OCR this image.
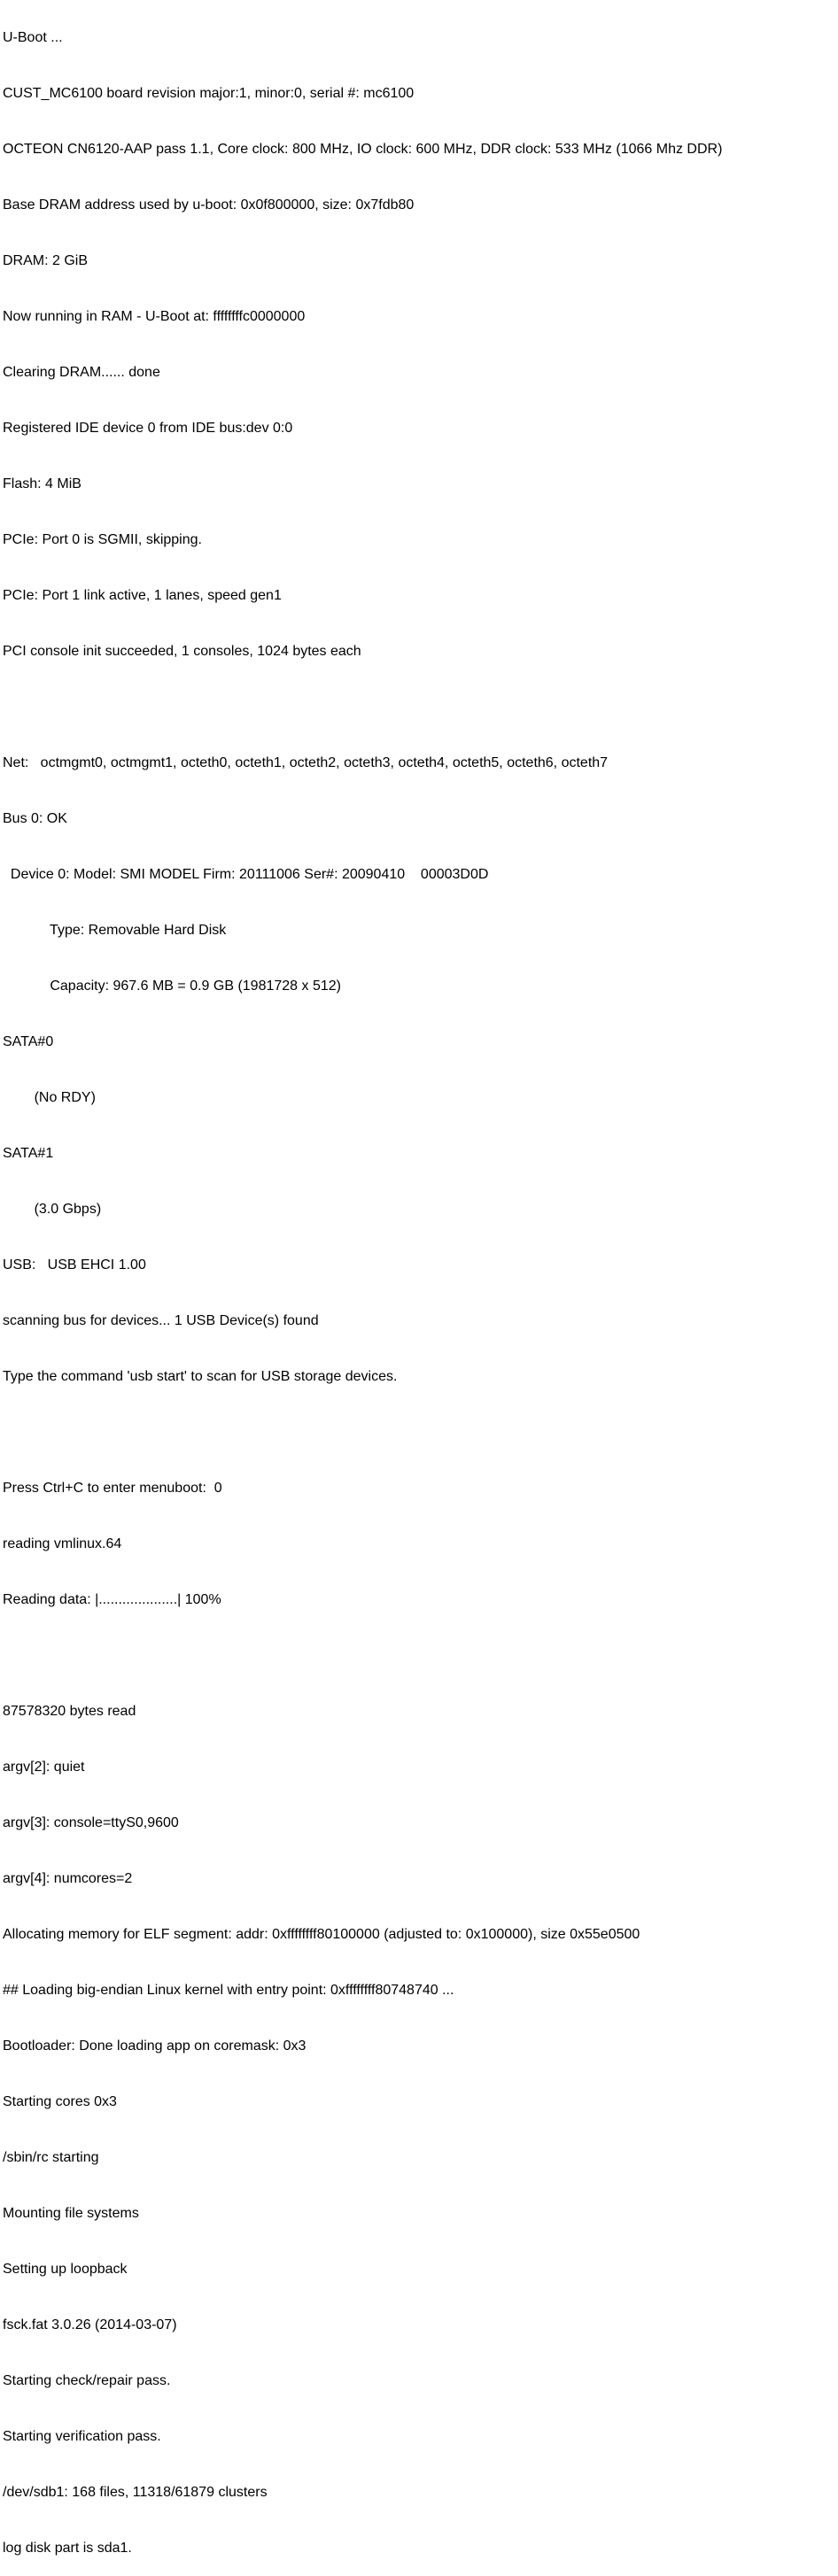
U-Boot ...

CUST_MC6100 board revision major:1, minor:0, serial #: mc6100

OCTEON CN6120-AAP pass 1.1, Core clock: 800 MHz, IO clock: 600 MHz, DDR clock: 533 MHz (1066 Mhz DDR)

Base DRAM address used by u-boot: 0x0f800000, size: 0x7fdb80

DRAM: 2 GiB

Now running in RAM - U-Boot at: ffffffffc0000000

Clearing DRAM...... done

Registered IDE device 0 from IDE bus:dev 0:0

Flash: 4 MiB

PCIe: Port 0 is SGMII, skipping.

PCIe: Port 1 link active, 1 lanes, speed gen1

PCI console init succeeded, 1 consoles, 1024 bytes each

Net:   octmgmt0, octmgmt1, octeth0, octeth1, octeth2, octeth3, octeth4, octeth5, octeth6, octeth7

Bus 0: OK

Device 0: Model: SMI MODEL Firm: 20111006 Ser#: 20090410    00003D0D

Type: Removable Hard Disk

Capacity: 967.6 MB = 0.9 GB (1981728 x 512)

SATA#0

(No RDY)

SATA#1

(3.0 Gbps)

USB:   USB EHCI 1.00

scanning bus for devices... 1 USB Device(s) found

Type the command 'usb start' to scan for USB storage devices.

Press Ctrl+C to enter menuboot:  0

reading vmlinux.64

Reading data: |....................| 100%

87578320 bytes read

argv[2]: quiet

argv[3]: console=ttyS0,9600

argv[4]: numcores=2

Allocating memory for ELF segment: addr: 0xffffffff80100000 (adjusted to: 0x100000), size 0x55e0500

## Loading big-endian Linux kernel with entry point: 0xffffffff80748740 ...

Bootloader: Done loading app on coremask: 0x3

Starting cores 0x3

/sbin/rc starting

Mounting file systems

Setting up loopback

fsck.fat 3.0.26 (2014-03-07)

Starting check/repair pass.

Starting verification pass.

/dev/sdb1: 168 files, 11318/61879 clusters

log disk part is sda1.
